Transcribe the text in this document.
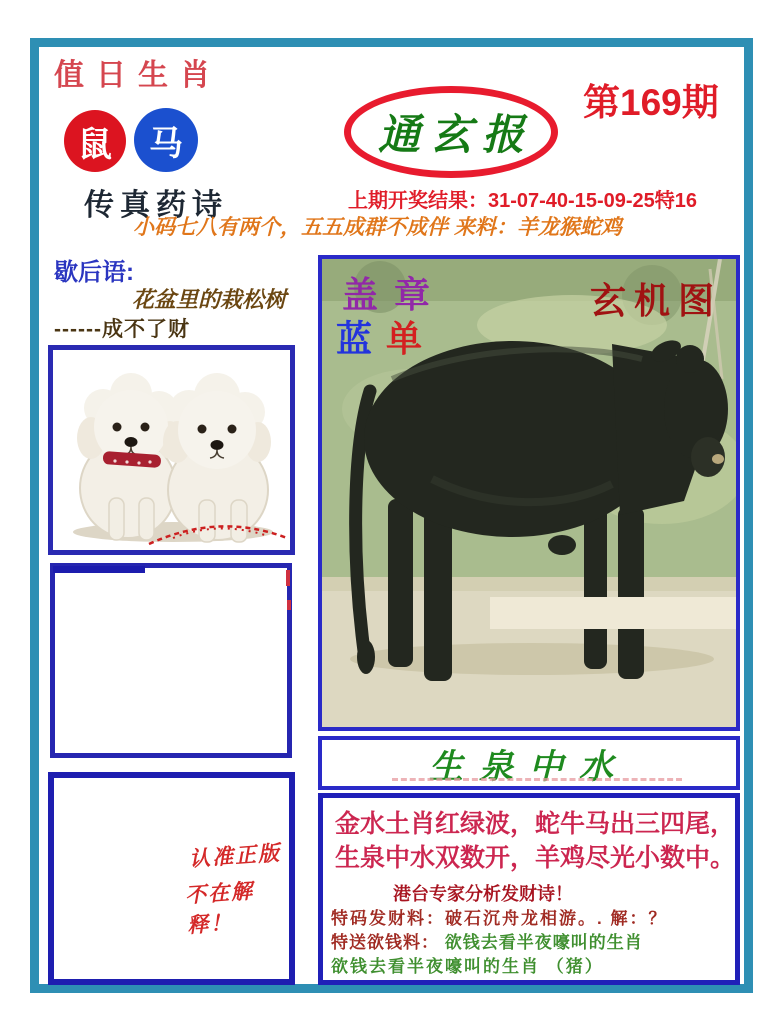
值日生肖
鼠 马
传真药诗
通玄报
第169期
上期开奖结果：31-07-40-15-09-25特16
小码七八有两个，五五成群不成伴 来料：羊龙猴蛇鸡
歇后语:
花盆里的栽松树
------成不了财
认准正版
不在解释！
盖章
蓝 单
玄机图
生泉中水
金水土肖红绿波，蛇牛马出三四尾，
生泉中水双数开，羊鸡尽光小数中。
港台专家分析发财诗！
特码发财料：破石沉舟龙相游。. 解：？
特送欲钱料： 欲钱去看半夜嚎叫的生肖
欲钱去看半夜嚎叫的生肖 （猪）
